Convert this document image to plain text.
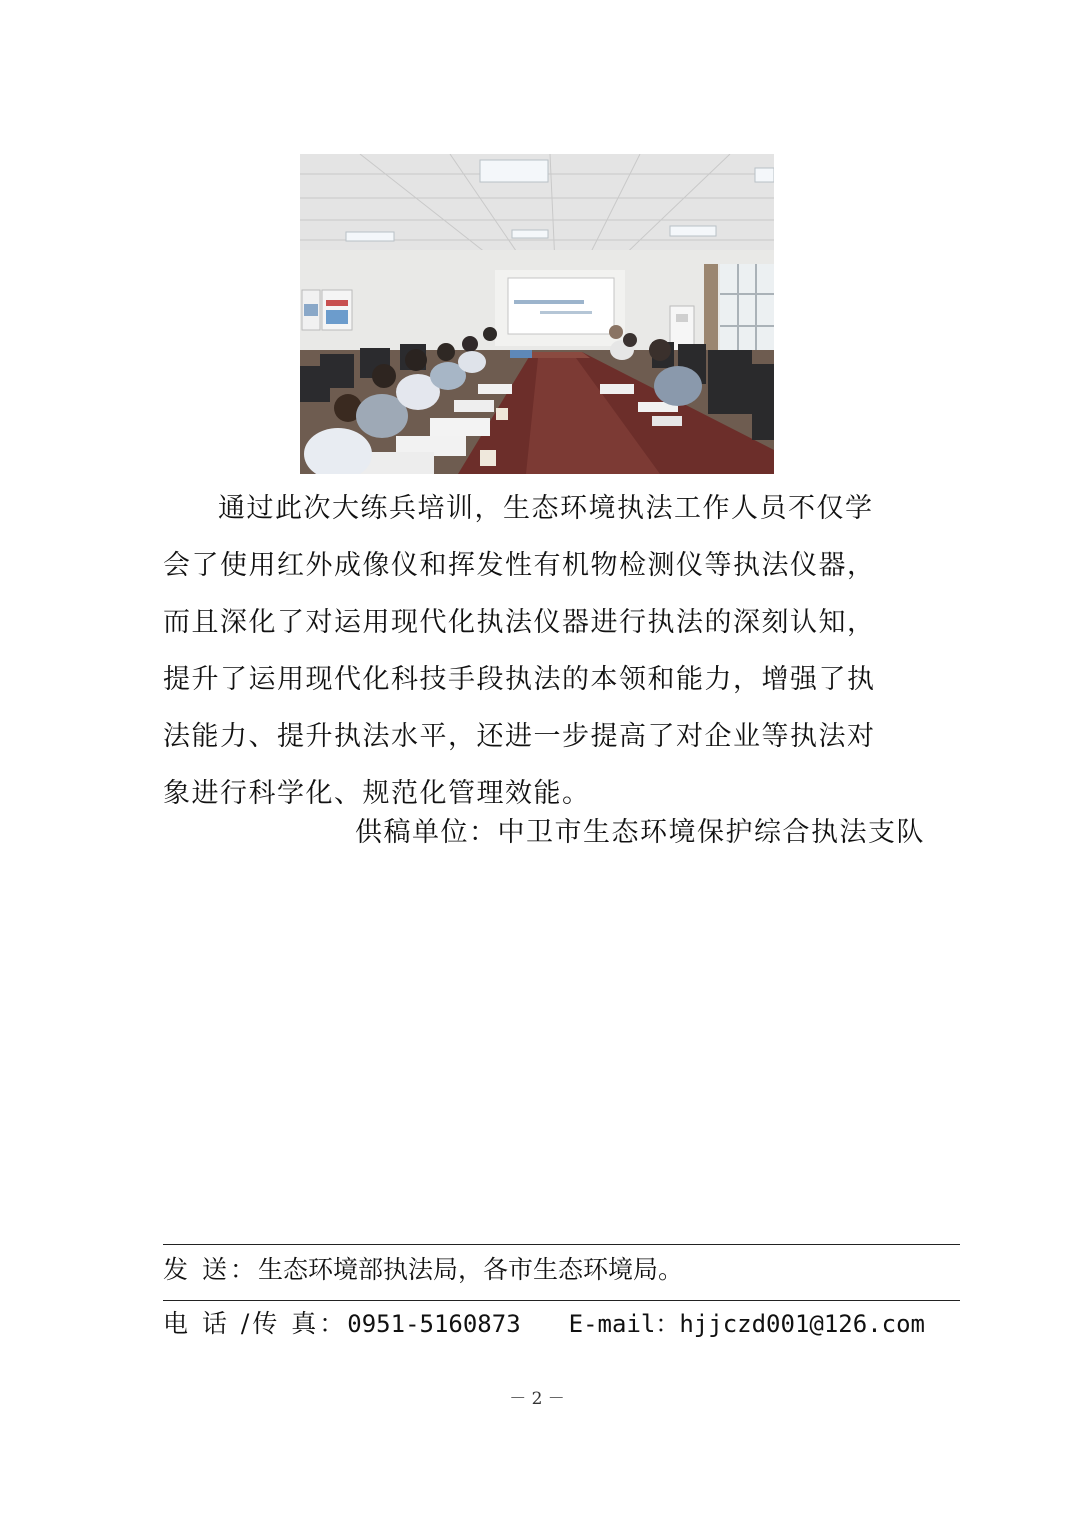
通过此次大练兵培训，生态环境执法工作人员不仅学
会了使用红外成像仪和挥发性有机物检测仪等执法仪器，
而且深化了对运用现代化执法仪器进行执法的深刻认知，
提升了运用现代化科技手段执法的本领和能力，增强了执
法能力、提升执法水平，还进一步提高了对企业等执法对
象进行科学化、规范化管理效能。

供稿单位：中卫市生态环境保护综合执法支队

发 送：生态环境部执法局，各市生态环境局。
电 话 /传 真：0951-5160873 E-mail：hjjczd001@126.com
－ 2 －
